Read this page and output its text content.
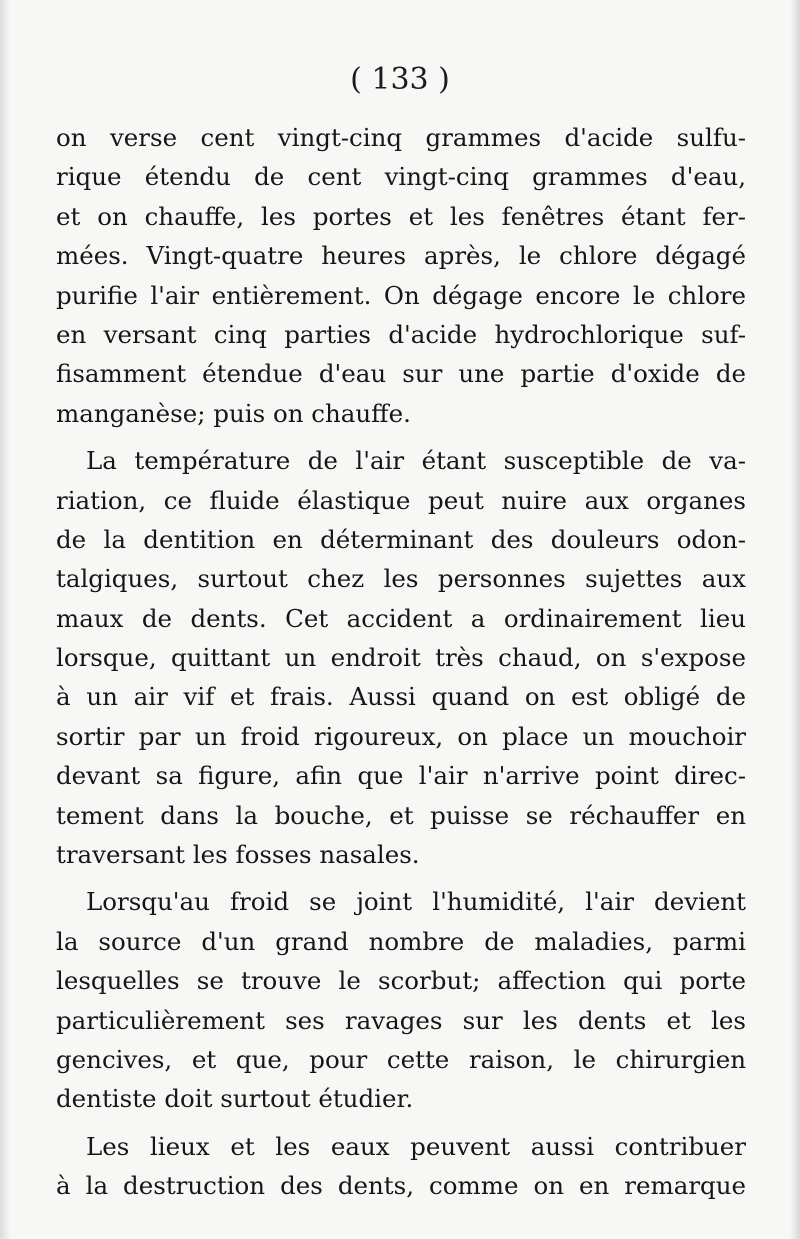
( 133 )

on verse cent vingt-cinq grammes d'acide sulfu-
rique étendu de cent vingt-cinq grammes d'eau,
et on chauffe, les portes et les fenêtres étant fer-
mées. Vingt-quatre heures après, le chlore dégagé
purifie l'air entièrement. On dégage encore le chlore
en versant cinq parties d'acide hydrochlorique suf-
fisamment étendue d'eau sur une partie d'oxide de
manganèse; puis on chauffe.

La température de l'air étant susceptible de va-
riation, ce fluide élastique peut nuire aux organes
de la dentition en déterminant des douleurs odon-
talgiques, surtout chez les personnes sujettes aux
maux de dents. Cet accident a ordinairement lieu
lorsque, quittant un endroit très chaud, on s'expose
à un air vif et frais. Aussi quand on est obligé de
sortir par un froid rigoureux, on place un mouchoir
devant sa figure, afin que l'air n'arrive point direc-
tement dans la bouche, et puisse se réchauffer en
traversant les fosses nasales.

Lorsqu'au froid se joint l'humidité, l'air devient
la source d'un grand nombre de maladies, parmi
lesquelles se trouve le scorbut; affection qui porte
particulièrement ses ravages sur les dents et les
gencives, et que, pour cette raison, le chirurgien
dentiste doit surtout étudier.

Les lieux et les eaux peuvent aussi contribuer
à la destruction des dents, comme on en remarque
